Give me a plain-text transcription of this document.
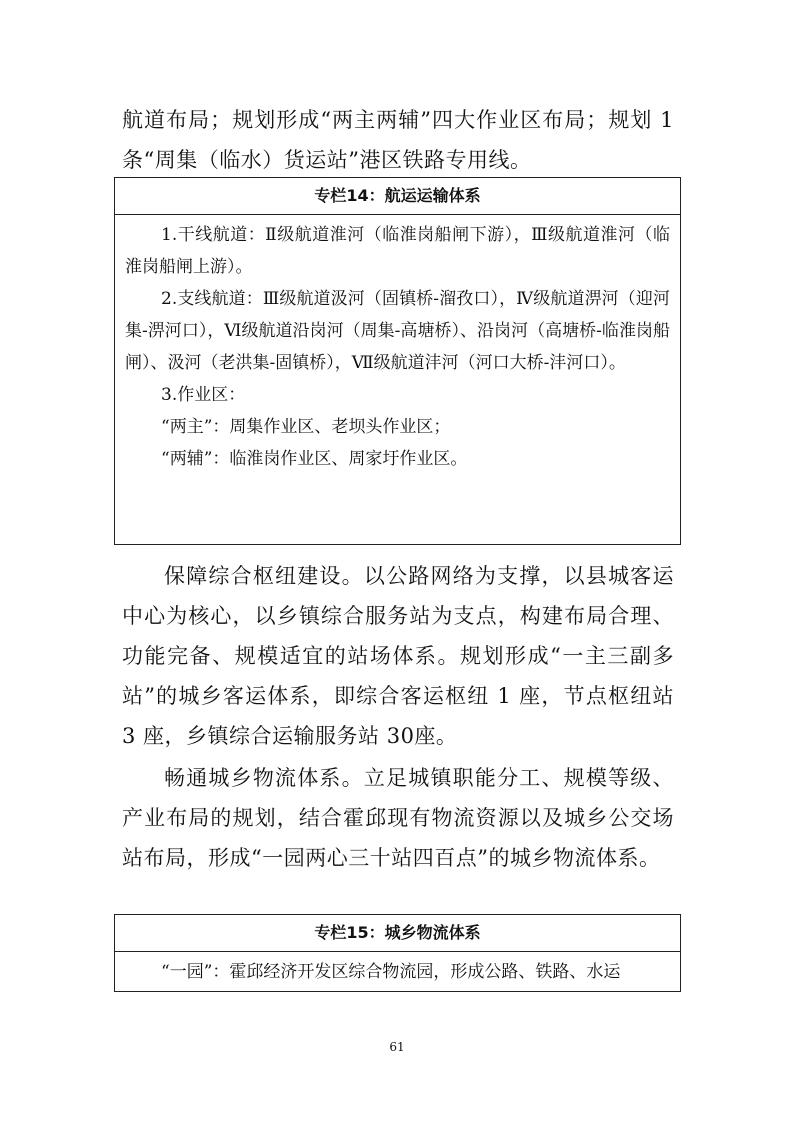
航道布局；规划形成“两主两辅”四大作业区布局；规划 1 条“周集（临水）货运站”港区铁路专用线。

专栏14：航运运输体系

1.干线航道：Ⅱ级航道淮河（临淮岗船闸下游），Ⅲ级航道淮河（临淮岗船闸上游）。

2.支线航道：Ⅲ级航道汲河（固镇桥-溜孜口），Ⅳ级航道淠河（迎河集-淠河口），Ⅵ级航道沿岗河（周集-高塘桥）、沿岗河（高塘桥-临淮岗船闸）、汲河（老洪集-固镇桥），Ⅶ级航道沣河（河口大桥-沣河口）。

3.作业区：

“两主”：周集作业区、老坝头作业区；

“两辅”：临淮岗作业区、周家圩作业区。

保障综合枢纽建设。以公路网络为支撑，以县城客运中心为核心，以乡镇综合服务站为支点，构建布局合理、功能完备、规模适宜的站场体系。规划形成“一主三副多站”的城乡客运体系，即综合客运枢纽 1 座，节点枢纽站 3 座，乡镇综合运输服务站 30座。

畅通城乡物流体系。立足城镇职能分工、规模等级、产业布局的规划，结合霍邱现有物流资源以及城乡公交场站布局，形成“一园两心三十站四百点”的城乡物流体系。

专栏15：城乡物流体系

“一园”：霍邱经济开发区综合物流园，形成公路、铁路、水运

61
